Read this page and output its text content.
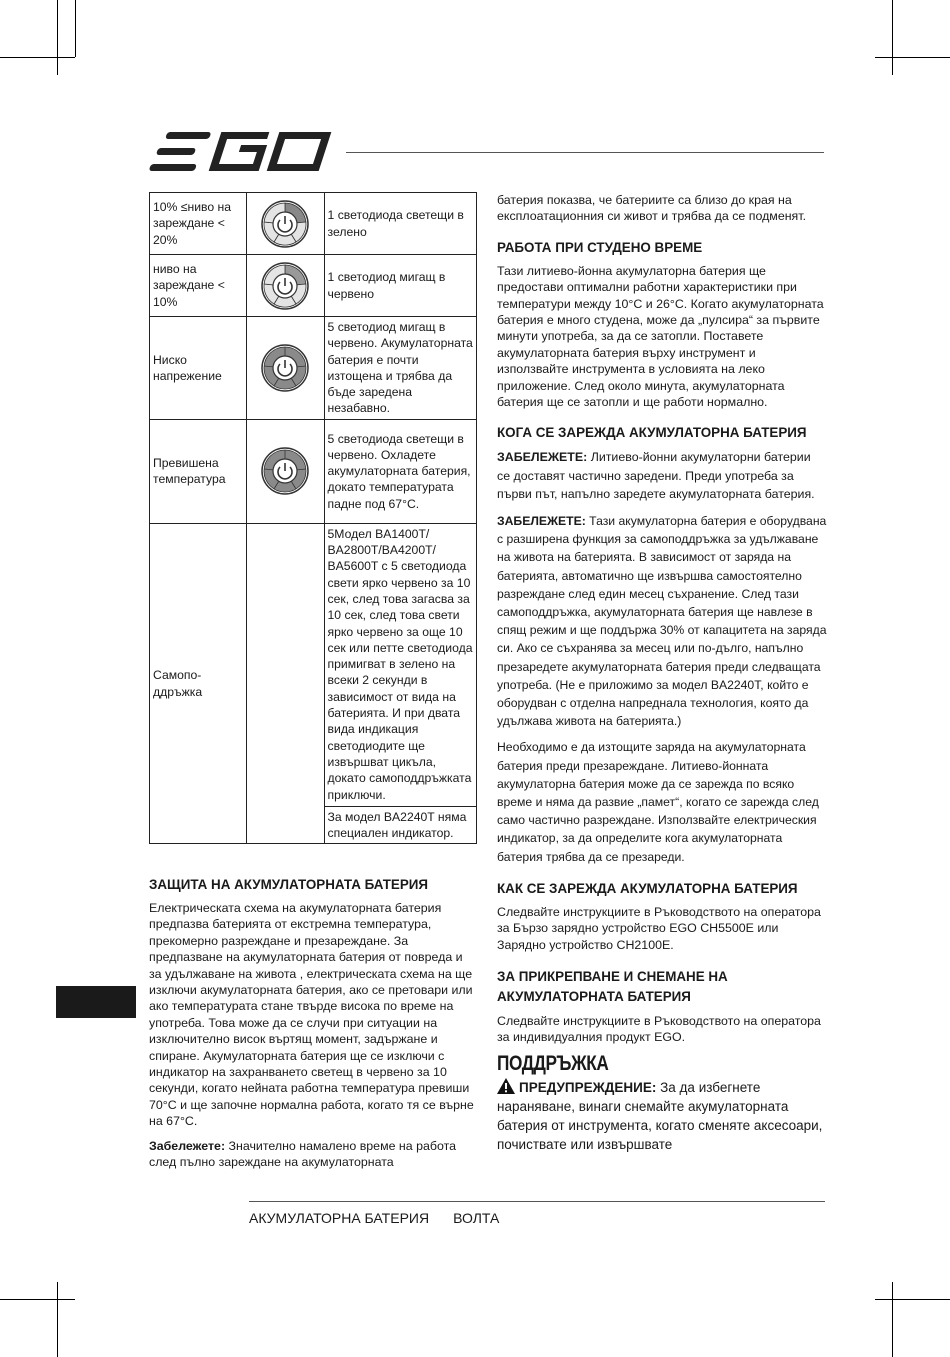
10% ≤ниво на зареждане < 20%		1 светодиода светещи в зелено
ниво на зареждане < 10%		1 светодиод мигащ в червено
Ниско напрежение		5 светодиод мигащ в червено. Акумулаторната батерия е почти изтощена и трябва да бъде заредена незабавно.
Превишена температура		5 светодиода светещи в червено. Охладете акумулаторната батерия, докато температурата падне под 67°C.
Самопо-ддръжка		5Модел BA1400T/ BA2800T/BA4200T/ BA5600T с 5 светодиода свети ярко червено за 10 сек, след това загасва за 10 сек, след това свети ярко червено за още 10 сек или петте светодиода примигват в зелено на всеки 2 секунди в зависимост от вида на батерията. И при двата вида индикация светодиодите ще извършват цикъла, докато самоподдръжката приключи.
За модел BA2240T няма специален индикатор.
ЗАЩИТА НА АКУМУЛАТОРНАТА БАТЕРИЯ

Електрическата схема на акумулаторната батерия предпазва батерията от екстремна температура, прекомерно разреждане и презареждане. За предпазване на акумулаторната батерия от повреда и за удължаване на живота , електрическата схема на ще изключи акумулаторната батерия, ако се претовари или ако температурата стане твърде висока по време на употреба. Това може да се случи при ситуации на изключително висок въртящ момент, задържане и спиране. Акумулаторната батерия ще се изключи с индикатор на захранването светещ в червено за 10 секунди, когато нейната работна температура превиши 70°C и ще започне нормална работа, когато тя се върне на 67°C.

Забележете: Значително намалено време на работа след пълно зареждане на акумулаторната

батерия показва, че батериите са близо до края на експлоатационния си живот и трябва да се подменят.

РАБОТА ПРИ СТУДЕНО ВРЕМЕ

Тази литиево-йонна акумулаторна батерия ще предостави оптимални работни характеристики при температури между 10°C и 26°C. Когато акумулаторната батерия е много студена, може да „пулсира“ за първите минути употреба, за да се затопли. Поставете акумулаторната батерия върху инструмент и използвайте инструмента в условията на леко приложение. След около минута, акумулаторната батерия ще се затопли и ще работи нормално.

КОГА СЕ ЗАРЕЖДА АКУМУЛАТОРНА БАТЕРИЯ

ЗАБЕЛЕЖЕТЕ: Литиево-йонни акумулаторни батерии се доставят частично заредени. Преди употреба за първи път, напълно заредете акумулаторната батерия.

ЗАБЕЛЕЖЕТЕ: Тази акумулаторна батерия е оборудвана с разширена функция за самоподдръжка за удължаване на живота на батерията. В зависимост от заряда на батерията, автоматично ще извършва самостоятелно разреждане след един месец съхранение. След тази самоподдръжка, акумулаторната батерия ще навлезе в спящ режим и ще поддържа 30% от капацитета на заряда си. Ако се съхранява за месец или по-дълго, напълно презаредете акумулаторната батерия преди следващата употреба. (Не е приложимо за модел BA2240T, който е оборудван с отделна напреднала технология, която да удължава живота на батерията.)

Необходимо е да изтощите заряда на акумулаторната батерия преди презареждане. Литиево-йонната акумулаторна батерия може да се зарежда по всяко време и няма да развие „памет“, когато се зарежда след само частично разреждане. Използвайте електрическия индикатор, за да определите кога акумулаторната батерия трябва да се презареди.

КАК СЕ ЗАРЕЖДА АКУМУЛАТОРНА БАТЕРИЯ

Следвайте инструкциите в Ръководството на оператора за Бързо зарядно устройство EGO CH5500E или Зарядно устройство CH2100E.

ЗА ПРИКРЕПВАНЕ И СНЕМАНЕ НА АКУМУЛАТОРНАТА БАТЕРИЯ

Следвайте инструкциите в Ръководството на оператора за индивидуалния продукт EGO.

ПОДДРЪЖКА

ПРЕДУПРЕЖДЕНИЕ: За да избегнете нараняване, винаги снемайте акумулаторната батерия от инструмента, когато сменяте аксесоари, почиствате или извършвате

АКУМУЛАТОРНА БАТЕРИЯ ВОЛТА
